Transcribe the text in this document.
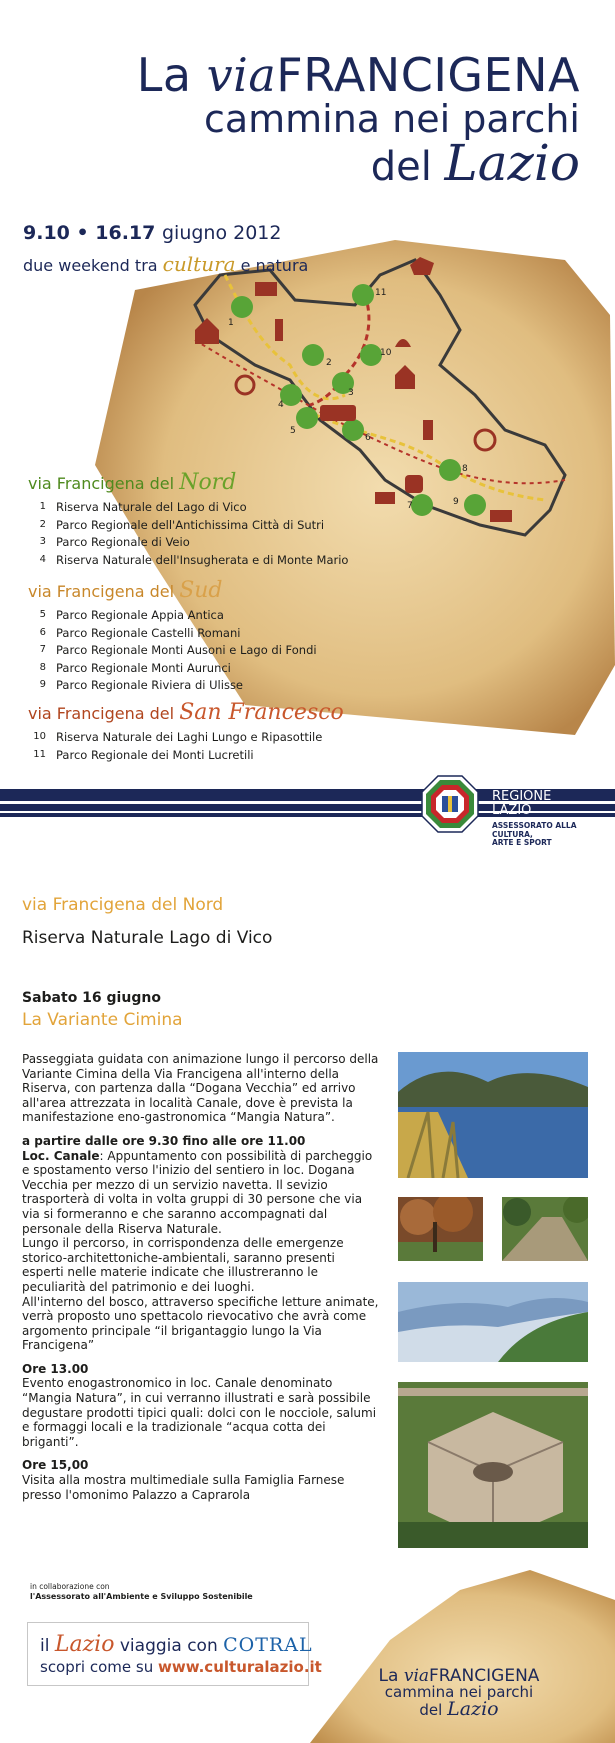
1
2
3
4
5
6
7
8
9
10
11
La viaFRANCIGENA
cammina nei parchi
del Lazio
9.10 • 16.17 giugno 2012
due weekend tra cultura e natura
via Francigena del Nord
1 Riserva Naturale del Lago di Vico
2 Parco Regionale dell'Antichissima Città di Sutri
3 Parco Regionale di Veio
4 Riserva Naturale dell'Insugherata e di Monte Mario
via Francigena del Sud
5 Parco Regionale Appia Antica
6 Parco Regionale Castelli Romani
7 Parco Regionale Monti Ausoni e Lago di Fondi
8 Parco Regionale Monti Aurunci
9 Parco Regionale Riviera di Ulisse
via Francigena del San Francesco
10 Riserva Naturale dei Laghi Lungo e Ripasottile
11 Parco Regionale dei Monti Lucretili
REGIONE
LAZIO
ASSESSORATO ALLA CULTURA,
ARTE E SPORT
via Francigena del Nord
Riserva Naturale Lago di Vico
Sabato 16 giugno
La Variante Cimina

Passeggiata guidata con animazione lungo il percorso della Variante Cimina della Via Francigena all'interno della Riserva, con partenza dalla “Dogana Vecchia” ed arrivo all'area attrezzata in località Canale, dove è prevista la manifestazione eno-gastronomica “Mangia Natura”.

a partire dalle ore 9.30 fino alle ore 11.00
Loc. Canale: Appuntamento con possibilità di parcheggio e spostamento verso l'inizio del sentiero in loc. Dogana Vecchia per mezzo di un servizio navetta. Il sevizio trasporterà di volta in volta gruppi di 30 persone che via via si formeranno e che saranno accompagnati dal personale della Riserva Naturale.
Lungo il percorso, in corrispondenza delle emergenze storico-architettoniche-ambientali, saranno presenti esperti nelle materie indicate che illustreranno le peculiarità del patrimonio e dei luoghi.

All'interno del bosco, attraverso specifiche letture animate, verrà proposto uno spettacolo rievocativo che avrà come argomento principale “il brigantaggio lungo la Via Francigena”

Ore 13.00

Evento enogastronomico in loc. Canale denominato “Mangia Natura”, in cui verranno illustrati e sarà possibile degustare prodotti tipici quali: dolci con le nocciole, salumi e formaggi locali e la tradizionale “acqua cotta dei briganti”.

Ore 15,00

Visita alla mostra multimediale sulla Famiglia Farnese presso l'omonimo Palazzo a Caprarola

in collaborazione con
l'Assessorato all'Ambiente e Sviluppo Sostenibile
il Lazio viaggia con COTRAL
scopri come su www.culturalazio.it	La viaFRANCIGENA
cammina nei parchi
del Lazio
